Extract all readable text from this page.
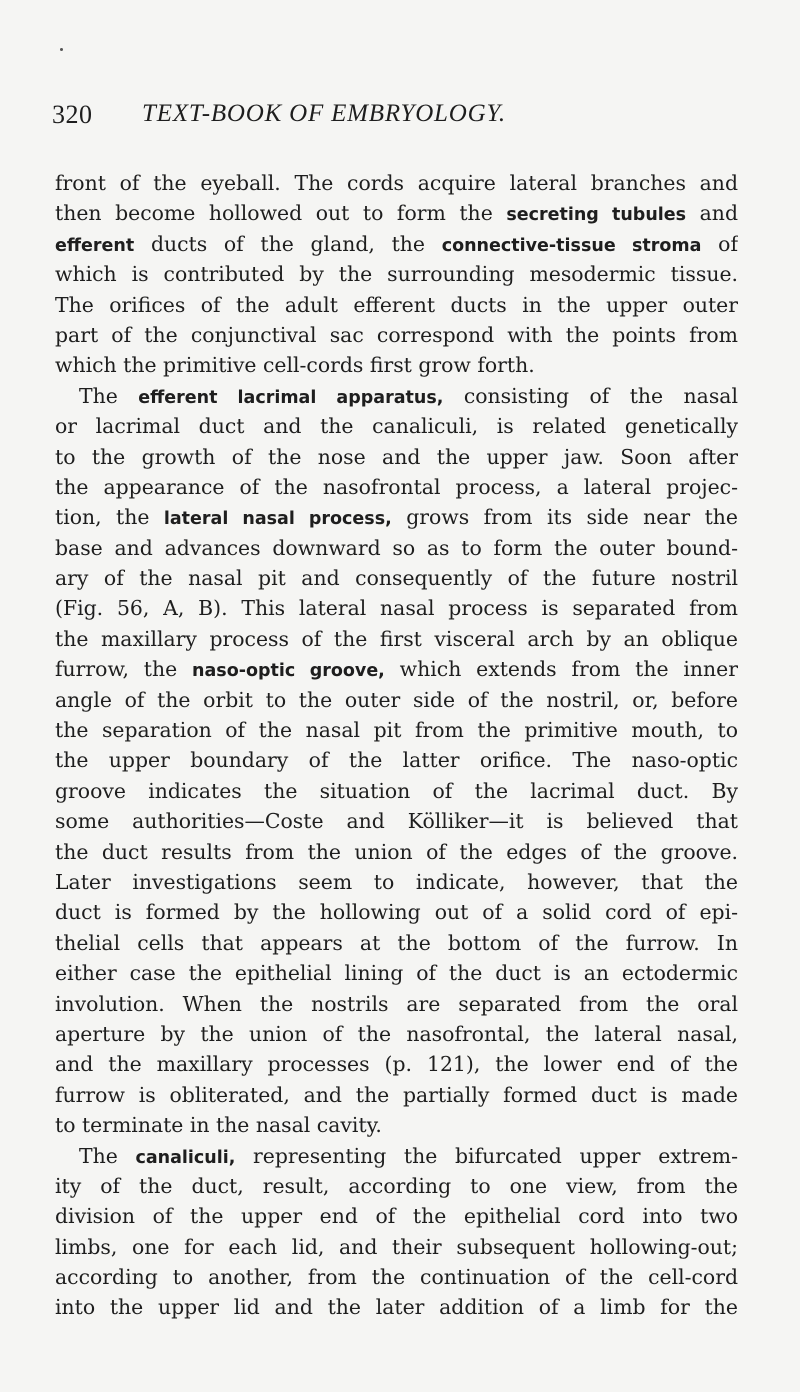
320 TEXT-BOOK OF EMBRYOLOGY.
front of the eyeball. The cords acquire lateral branches and
then become hollowed out to form the secreting tubules and
efferent ducts of the gland, the connective-tissue stroma of
which is contributed by the surrounding mesodermic tissue.
The orifices of the adult efferent ducts in the upper outer
part of the conjunctival sac correspond with the points from
which the primitive cell-cords first grow forth.
The efferent lacrimal apparatus, consisting of the nasal
or lacrimal duct and the canaliculi, is related genetically
to the growth of the nose and the upper jaw. Soon after
the appearance of the nasofrontal process, a lateral projec-
tion, the lateral nasal process, grows from its side near the
base and advances downward so as to form the outer bound-
ary of the nasal pit and consequently of the future nostril
(Fig. 56, A, B). This lateral nasal process is separated from
the maxillary process of the first visceral arch by an oblique
furrow, the naso-optic groove, which extends from the inner
angle of the orbit to the outer side of the nostril, or, before
the separation of the nasal pit from the primitive mouth, to
the upper boundary of the latter orifice. The naso-optic
groove indicates the situation of the lacrimal duct. By
some authorities—Coste and Kölliker—it is believed that
the duct results from the union of the edges of the groove.
Later investigations seem to indicate, however, that the
duct is formed by the hollowing out of a solid cord of epi-
thelial cells that appears at the bottom of the furrow. In
either case the epithelial lining of the duct is an ectodermic
involution. When the nostrils are separated from the oral
aperture by the union of the nasofrontal, the lateral nasal,
and the maxillary processes (p. 121), the lower end of the
furrow is obliterated, and the partially formed duct is made
to terminate in the nasal cavity.
The canaliculi, representing the bifurcated upper extrem-
ity of the duct, result, according to one view, from the
division of the upper end of the epithelial cord into two
limbs, one for each lid, and their subsequent hollowing-out;
according to another, from the continuation of the cell-cord
into the upper lid and the later addition of a limb for the
